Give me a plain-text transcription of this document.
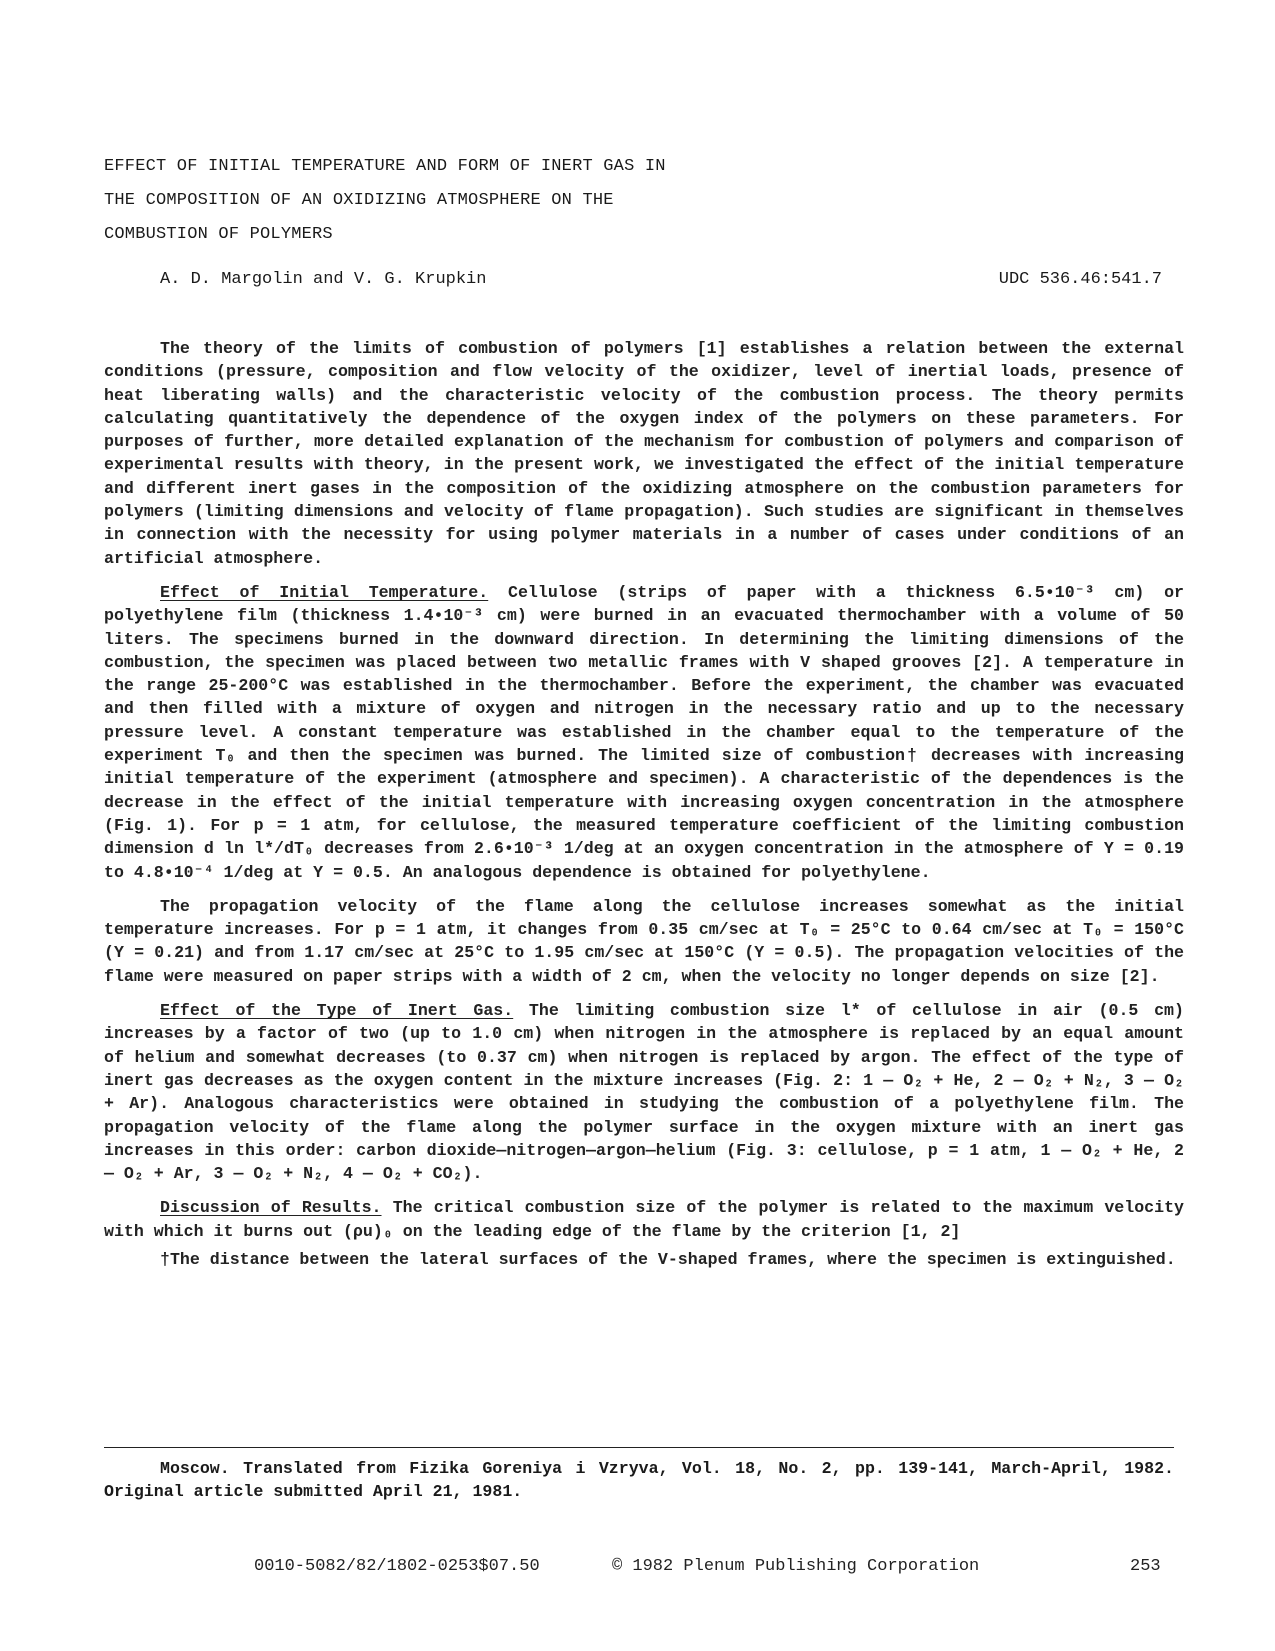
EFFECT OF INITIAL TEMPERATURE AND FORM OF INERT GAS IN
THE COMPOSITION OF AN OXIDIZING ATMOSPHERE ON THE
COMBUSTION OF POLYMERS
A. D. Margolin and V. G. Krupkin	UDC 536.46:541.7

The theory of the limits of combustion of polymers [1] establishes a relation between the external conditions (pressure, composition and flow velocity of the oxidizer, level of inertial loads, presence of heat liberating walls) and the characteristic velocity of the combustion process. The theory permits calculating quantitatively the dependence of the oxygen index of the polymers on these parameters. For purposes of further, more detailed explanation of the mechanism for combustion of polymers and comparison of experimental results with theory, in the present work, we investigated the effect of the initial temperature and different inert gases in the composition of the oxidizing atmosphere on the combustion parameters for polymers (limiting dimensions and velocity of flame propagation). Such studies are significant in themselves in connection with the necessity for using polymer materials in a number of cases under conditions of an artificial atmosphere.

Effect of Initial Temperature. Cellulose (strips of paper with a thickness 6.5•10⁻³ cm) or polyethylene film (thickness 1.4•10⁻³ cm) were burned in an evacuated thermochamber with a volume of 50 liters. The specimens burned in the downward direction. In determining the limiting dimensions of the combustion, the specimen was placed between two metallic frames with V shaped grooves [2]. A temperature in the range 25-200°C was established in the thermochamber. Before the experiment, the chamber was evacuated and then filled with a mixture of oxygen and nitrogen in the necessary ratio and up to the necessary pressure level. A constant temperature was established in the chamber equal to the temperature of the experiment T₀ and then the specimen was burned. The limited size of combustion† decreases with increasing initial temperature of the experiment (atmosphere and specimen). A characteristic of the dependences is the decrease in the effect of the initial temperature with increasing oxygen concentration in the atmosphere (Fig. 1). For p = 1 atm, for cellulose, the measured temperature coefficient of the limiting combustion dimension d ln l*/dT₀ decreases from 2.6•10⁻³ 1/deg at an oxygen concentration in the atmosphere of Y = 0.19 to 4.8•10⁻⁴ 1/deg at Y = 0.5. An analogous dependence is obtained for polyethylene.

The propagation velocity of the flame along the cellulose increases somewhat as the initial temperature increases. For p = 1 atm, it changes from 0.35 cm/sec at T₀ = 25°C to 0.64 cm/sec at T₀ = 150°C (Y = 0.21) and from 1.17 cm/sec at 25°C to 1.95 cm/sec at 150°C (Y = 0.5). The propagation velocities of the flame were measured on paper strips with a width of 2 cm, when the velocity no longer depends on size [2].

Effect of the Type of Inert Gas. The limiting combustion size l* of cellulose in air (0.5 cm) increases by a factor of two (up to 1.0 cm) when nitrogen in the atmosphere is replaced by an equal amount of helium and somewhat decreases (to 0.37 cm) when nitrogen is replaced by argon. The effect of the type of inert gas decreases as the oxygen content in the mixture increases (Fig. 2: 1 — O₂ + He, 2 — O₂ + N₂, 3 — O₂ + Ar). Analogous characteristics were obtained in studying the combustion of a polyethylene film. The propagation velocity of the flame along the polymer surface in the oxygen mixture with an inert gas increases in this order: carbon dioxide—nitrogen—argon—helium (Fig. 3: cellulose, p = 1 atm, 1 — O₂ + He, 2 — O₂ + Ar, 3 — O₂ + N₂, 4 — O₂ + CO₂).

Discussion of Results. The critical combustion size of the polymer is related to the maximum velocity with which it burns out (ρu)₀ on the leading edge of the flame by the criterion [1, 2]

†The distance between the lateral surfaces of the V-shaped frames, where the specimen is extinguished.

Moscow. Translated from Fizika Goreniya i Vzryva, Vol. 18, No. 2, pp. 139-141, March-April, 1982. Original article submitted April 21, 1981.
0010-5082/82/1802-0253$07.50	© 1982 Plenum Publishing Corporation	253
